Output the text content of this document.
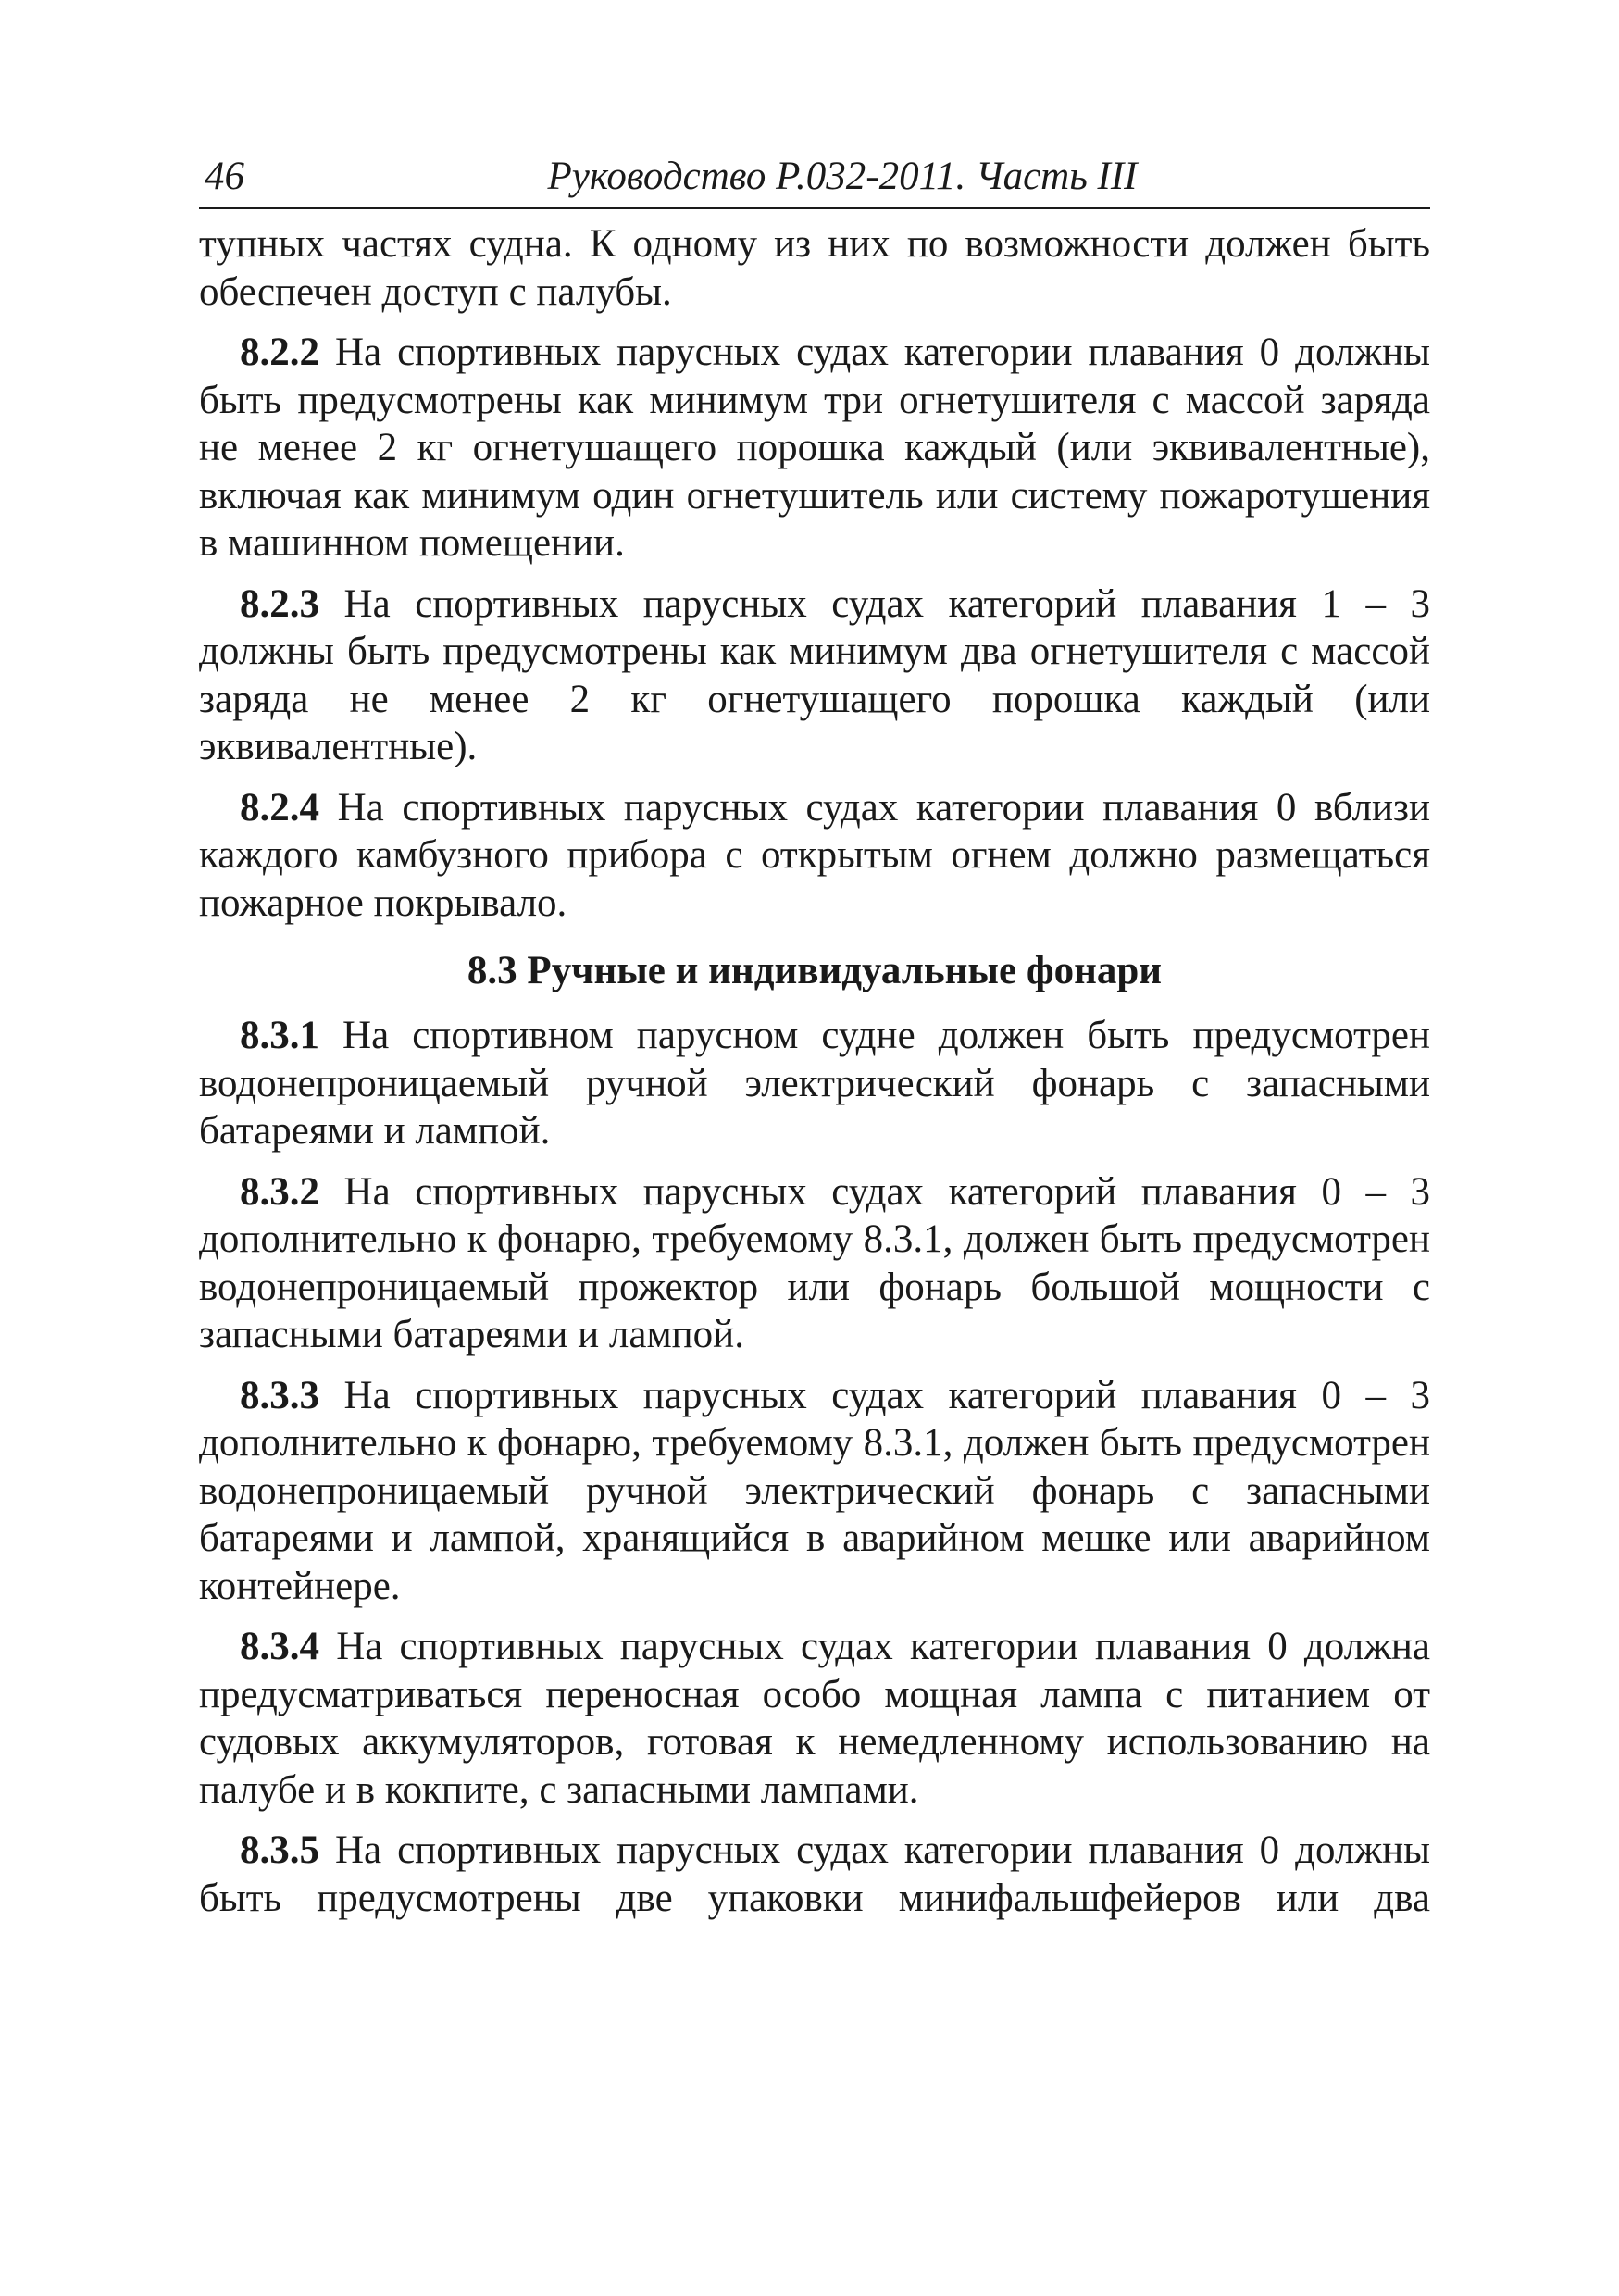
46	Руководство Р.032-2011. Часть III

тупных частях судна. К одному из них по возможности должен быть обеспечен доступ с палубы.

8.2.2 На спортивных парусных судах категории плавания 0 должны быть предусмотрены как минимум три огнетушителя с массой заряда не менее 2 кг огнетушащего порошка каждый (или эквивалентные), включая как минимум один огнетушитель или систему пожаротушения в машинном помещении.

8.2.3 На спортивных парусных судах категорий плавания 1 – 3 должны быть предусмотрены как минимум два огнетушителя с массой заряда не менее 2 кг огнетушащего порошка каждый (или эквивалентные).

8.2.4 На спортивных парусных судах категории плавания 0 вблизи каждого камбузного прибора с открытым огнем должно размещаться пожарное покрывало.

8.3 Ручные и индивидуальные фонари

8.3.1 На спортивном парусном судне должен быть предусмотрен водонепроницаемый ручной электрический фонарь с запасными батареями и лампой.

8.3.2 На спортивных парусных судах категорий плавания 0 – 3 дополнительно к фонарю, требуемому 8.3.1, должен быть предусмотрен водонепроницаемый прожектор или фонарь большой мощности с запасными батареями и лампой.

8.3.3 На спортивных парусных судах категорий плавания 0 – 3 дополнительно к фонарю, требуемому 8.3.1, должен быть предусмотрен водонепроницаемый ручной электрический фонарь с запасными батареями и лампой, хранящийся в аварийном мешке или аварийном контейнере.

8.3.4 На спортивных парусных судах категории плавания 0 должна предусматриваться переносная особо мощная лампа с питанием от судовых аккумуляторов, готовая к немедленному использованию на палубе и в кокпите, с запасными лампами.

8.3.5 На спортивных парусных судах категории плавания 0 должны быть предусмотрены две упаковки минифальшфейеров или два
